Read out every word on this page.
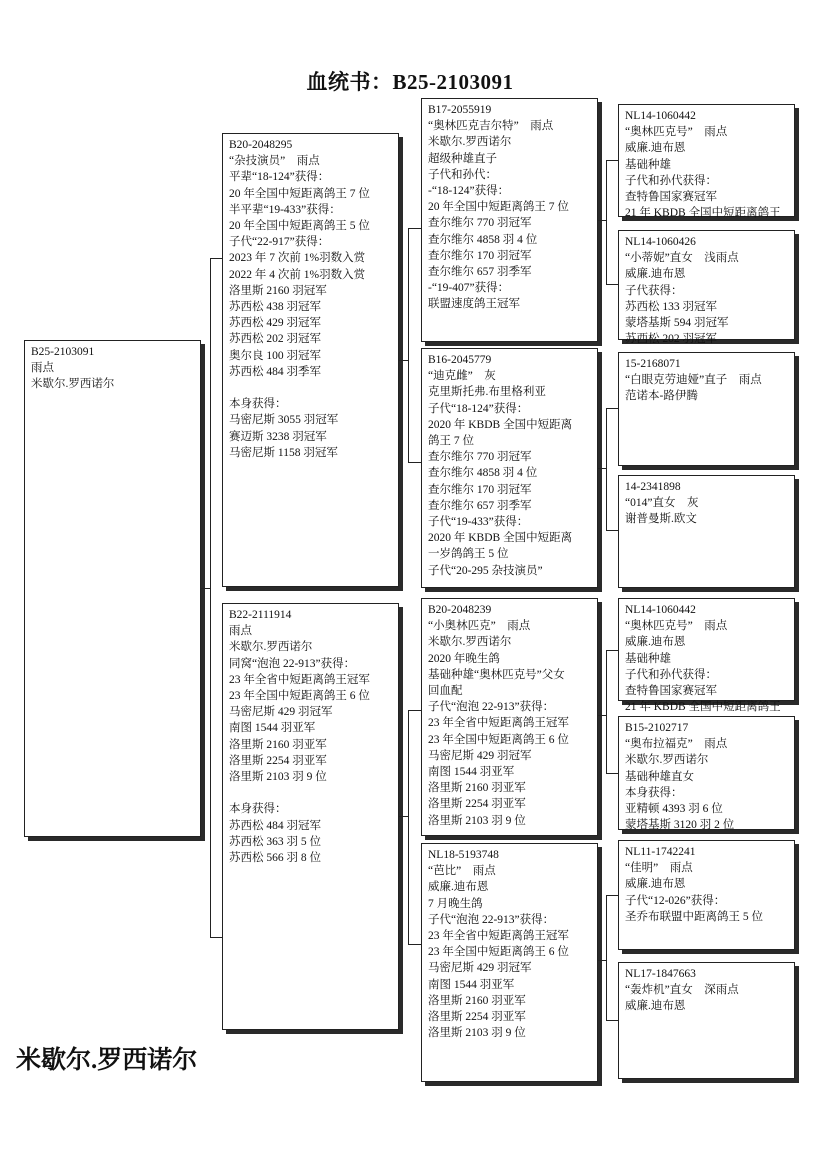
血统书：B25-2103091
B25-2103091
雨点
米歇尔.罗西诺尔
B20-2048295
“杂技演员”    雨点
平辈“18-124”获得：
20 年全国中短距离鸽王 7 位
半平辈“19-433”获得：
20 年全国中短距离鸽王 5 位
子代“22-917”获得：
2023 年 7 次前 1%羽数入赏
2022 年 4 次前 1%羽数入赏
洛里斯 2160 羽冠军
苏西松 438 羽冠军
苏西松 429 羽冠军
苏西松 202 羽冠军
奥尔良 100 羽冠军
苏西松 484 羽季军
本身获得：
马密尼斯 3055 羽冠军
赛迈斯 3238 羽冠军
马密尼斯 1158 羽冠军
B22-2111914
雨点
米歇尔.罗西诺尔
同窝“泡泡 22-913”获得：
23 年全省中短距离鸽王冠军
23 年全国中短距离鸽王 6 位
马密尼斯 429 羽冠军
南图 1544 羽亚军
洛里斯 2160 羽亚军
洛里斯 2254 羽亚军
洛里斯 2103 羽 9 位
本身获得：
苏西松 484 羽冠军
苏西松 363 羽 5 位
苏西松 566 羽 8 位
B17-2055919
“奥林匹克吉尔特”    雨点
米歇尔.罗西诺尔
超级种雄直子
子代和孙代：
-“18-124”获得：
20 年全国中短距离鸽王 7 位
查尔维尔 770 羽冠军
查尔维尔 4858 羽 4 位
查尔维尔 170 羽冠军
查尔维尔 657 羽季军
-“19-407”获得：
联盟速度鸽王冠军
B16-2045779
“迪克雌”    灰
克里斯托弗.布里格利亚
子代“18-124”获得：
2020 年 KBDB 全国中短距离
鸽王 7 位
查尔维尔 770 羽冠军
查尔维尔 4858 羽 4 位
查尔维尔 170 羽冠军
查尔维尔 657 羽季军
子代“19-433”获得：
2020 年 KBDB 全国中短距离
一岁鸽鸽王 5 位
子代“20-295 杂技演员”
B20-2048239
“小奥林匹克”    雨点
米歇尔.罗西诺尔
2020 年晚生鸽
基础种雄“奥林匹克号”父女
回血配
子代“泡泡 22-913”获得：
23 年全省中短距离鸽王冠军
23 年全国中短距离鸽王 6 位
马密尼斯 429 羽冠军
南图 1544 羽亚军
洛里斯 2160 羽亚军
洛里斯 2254 羽亚军
洛里斯 2103 羽 9 位
NL18-5193748
“芭比”    雨点
威廉.迪布恩
7 月晚生鸽
子代“泡泡 22-913”获得：
23 年全省中短距离鸽王冠军
23 年全国中短距离鸽王 6 位
马密尼斯 429 羽冠军
南图 1544 羽亚军
洛里斯 2160 羽亚军
洛里斯 2254 羽亚军
洛里斯 2103 羽 9 位
NL14-1060442
“奥林匹克号”    雨点
威廉.迪布恩
基础种雄
子代和孙代获得：
查特鲁国家赛冠军
21 年 KBDB 全国中短距离鸽王
NL14-1060426
“小蒂妮”直女    浅雨点
威廉.迪布恩
子代获得：
苏西松 133 羽冠军
蒙塔基斯 594 羽冠军
苏西松 202 羽冠军
15-2168071
“白眼克劳迪娅”直子    雨点
范诺本-路伊腾
14-2341898
“014”直女    灰
谢普曼斯.欧文
NL14-1060442
“奥林匹克号”    雨点
威廉.迪布恩
基础种雄
子代和孙代获得：
查特鲁国家赛冠军
21 年 KBDB 全国中短距离鸽王
B15-2102717
“奥布拉福克”    雨点
米歇尔.罗西诺尔
基础种雄直女
本身获得：
亚精顿 4393 羽 6 位
蒙塔基斯 3120 羽 2 位
NL11-1742241
“佳明”    雨点
威廉.迪布恩
子代“12-026”获得：
圣乔布联盟中距离鸽王 5 位
NL17-1847663
“轰炸机”直女    深雨点
威廉.迪布恩
米歇尔.罗西诺尔
